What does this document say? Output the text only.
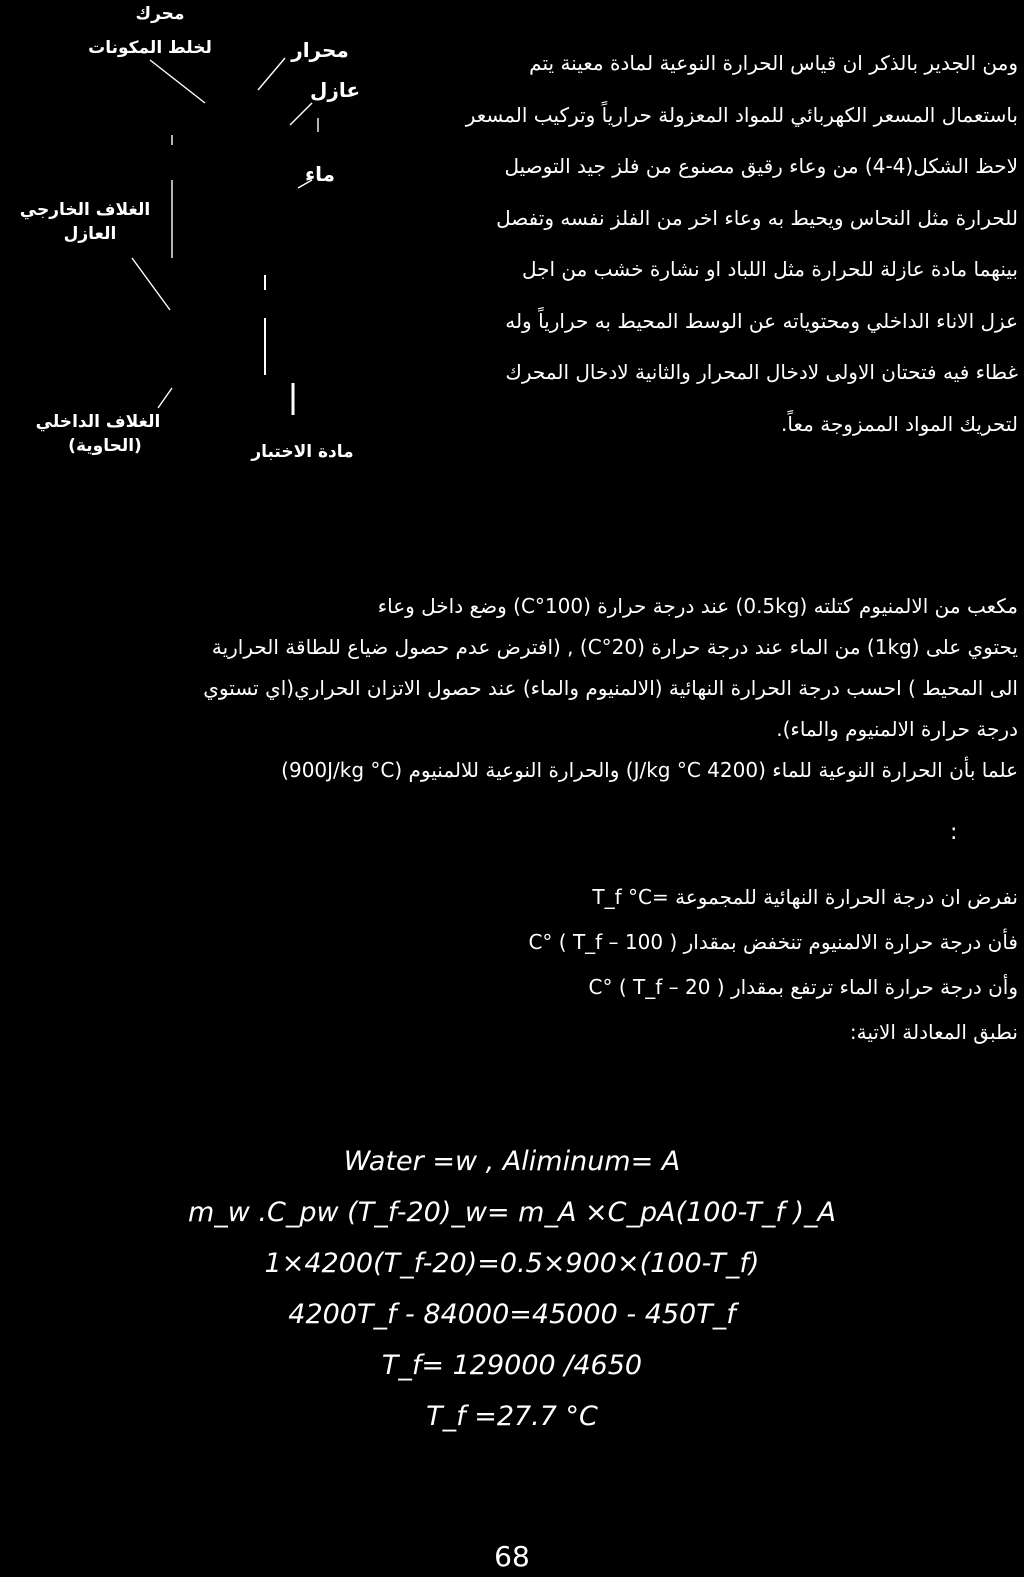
محرك
لخلط المكونات	محرار
عازل
ماء
الغلاف الخارجي
العازل
الغلاف الداخلي
(الحاوية)	مادة الاختبار
ومن الجدير بالذكر ان قياس الحرارة النوعية لمادة معينة يتم
باستعمال المسعر الكهربائي للمواد المعزولة حرارياً وتركيب المسعر
لاحظ الشكل(4-4) من وعاء رقيق مصنوع من فلز جيد التوصيل
للحرارة مثل النحاس ويحيط به وعاء اخر من الفلز نفسه وتفصل
بينهما مادة عازلة للحرارة مثل اللباد او نشارة خشب من اجل
عزل الاناء الداخلي ومحتوياته عن الوسط المحيط به حرارياً وله
غطاء فيه فتحتان الاولى لادخال المحرار والثانية لادخال المحرك
لتحريك المواد الممزوجة معاً.
مكعب من الالمنيوم كتلته (0.5kg) عند درجة حرارة (100°C) وضع داخل وعاء
يحتوي على (1kg) من الماء عند درجة حرارة (20°C) , (افترض عدم حصول ضياع للطاقة الحرارية
الى المحيط ) احسب درجة الحرارة النهائية (الالمنيوم والماء) عند حصول الاتزان الحراري(اي تستوي
درجة حرارة الالمنيوم والماء).
علما بأن الحرارة النوعية للماء (4200 J/kg °C) والحرارة النوعية للالمنيوم (900J/kg °C)
:
نفرض ان درجة الحرارة النهائية للمجموعة =T_f °C
فأن درجة حرارة الالمنيوم تنخفض بمقدار ( 100 – T_f ) °C
وأن درجة حرارة الماء ترتفع بمقدار ( T_f – 20 ) °C
نطبق المعادلة الاتية:
Water =w , Aliminum= A
m_w .C_pw (T_f-20)_w= m_A ×C_pA(100-T_f )_A
1×4200(T_f-20)=0.5×900×(100-T_f)
4200T_f - 84000=45000 - 450T_f
T_f= 129000 /4650
T_f =27.7 °C
68
